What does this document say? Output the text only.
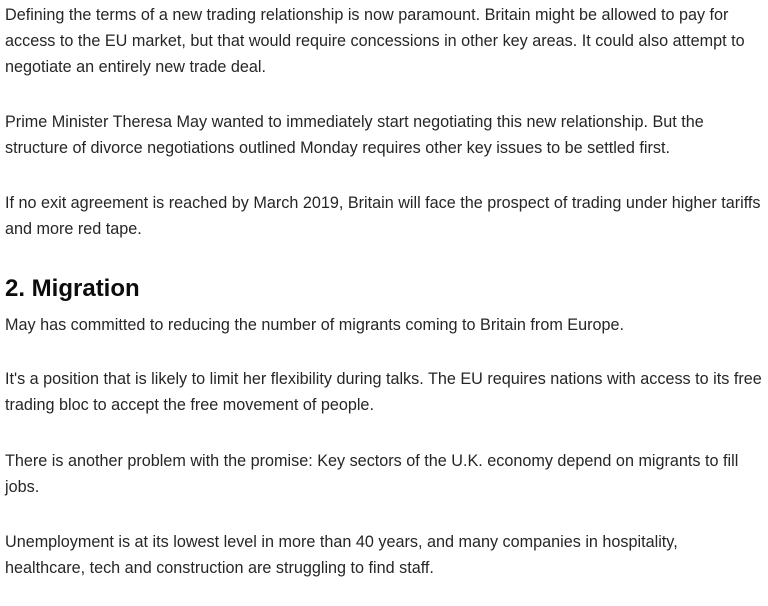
Defining the terms of a new trading relationship is now paramount. Britain might be allowed to pay for access to the EU market, but that would require concessions in other key areas. It could also attempt to negotiate an entirely new trade deal.

Prime Minister Theresa May wanted to immediately start negotiating this new relationship. But the structure of divorce negotiations outlined Monday requires other key issues to be settled first.

If no exit agreement is reached by March 2019, Britain will face the prospect of trading under higher tariffs and more red tape.

2. Migration

May has committed to reducing the number of migrants coming to Britain from Europe.

It's a position that is likely to limit her flexibility during talks. The EU requires nations with access to its free trading bloc to accept the free movement of people.

There is another problem with the promise: Key sectors of the U.K. economy depend on migrants to fill jobs.

Unemployment is at its lowest level in more than 40 years, and many companies in hospitality, healthcare, tech and construction are struggling to find staff.
